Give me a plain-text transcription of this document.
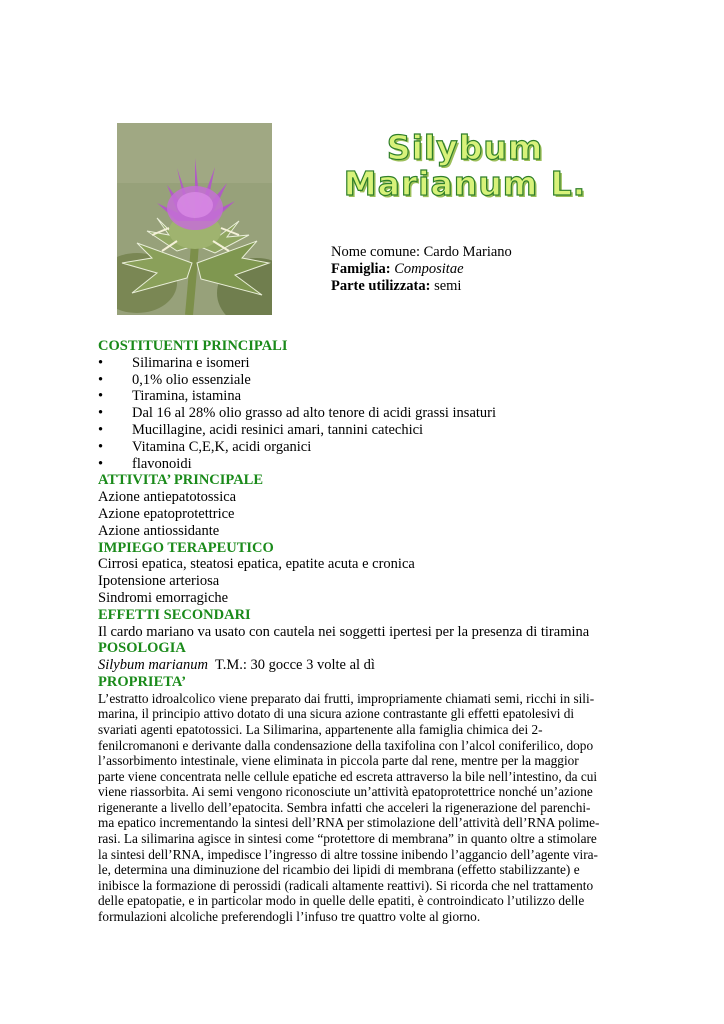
Silybum
Marianum L.
Nome comune: Cardo Mariano
Famiglia: Compositae
Parte utilizzata: semi
COSTITUENTI PRINCIPALI
• Silimarina e isomeri
• 0,1% olio essenziale
• Tiramina, istamina
• Dal 16 al 28% olio grasso ad alto tenore di acidi grassi insaturi
• Mucillagine, acidi resinici amari, tannini catechici
• Vitamina C,E,K, acidi organici
• flavonoidi
ATTIVITA’ PRINCIPALE
Azione antiepatotossica
Azione epatoprotettrice
Azione antiossidante
IMPIEGO TERAPEUTICO
Cirrosi epatica, steatosi epatica, epatite acuta e cronica
Ipotensione arteriosa
Sindromi emorragiche
EFFETTI SECONDARI
Il cardo mariano va usato con cautela nei soggetti ipertesi per la presenza di tiramina
POSOLOGIA
Silybum marianum  T.M.: 30 gocce 3 volte al dì
PROPRIETA’
L’estratto idroalcolico viene preparato dai frutti, impropriamente chiamati semi, ricchi in sili-
marina, il principio attivo dotato di una sicura azione contrastante gli effetti epatolesivi di
svariati agenti epatotossici. La Silimarina, appartenente alla famiglia chimica dei 2-
fenilcromanoni e derivante dalla condensazione della taxifolina con l’alcol coniferilico, dopo
l’assorbimento intestinale, viene eliminata in piccola parte dal rene, mentre per la maggior
parte viene concentrata nelle cellule epatiche ed escreta attraverso la bile nell’intestino, da cui
viene riassorbita. Ai semi vengono riconosciute un’attività epatoprotettrice nonché un’azione
rigenerante a livello dell’epatocita. Sembra infatti che acceleri la rigenerazione del parenchi-
ma epatico incrementando la sintesi dell’RNA per stimolazione dell’attività dell’RNA polime-
rasi. La silimarina agisce in sintesi come “protettore di membrana” in quanto oltre a stimolare
la sintesi dell’RNA, impedisce l’ingresso di altre tossine inibendo l’aggancio dell’agente vira-
le, determina una diminuzione del ricambio dei lipidi di membrana (effetto stabilizzante) e
inibisce la formazione di perossidi (radicali altamente reattivi). Si ricorda che nel trattamento
delle epatopatie, e in particolar modo in quelle delle epatiti, è controindicato l’utilizzo delle
formulazioni alcoliche preferendogli l’infuso tre quattro volte al giorno.
